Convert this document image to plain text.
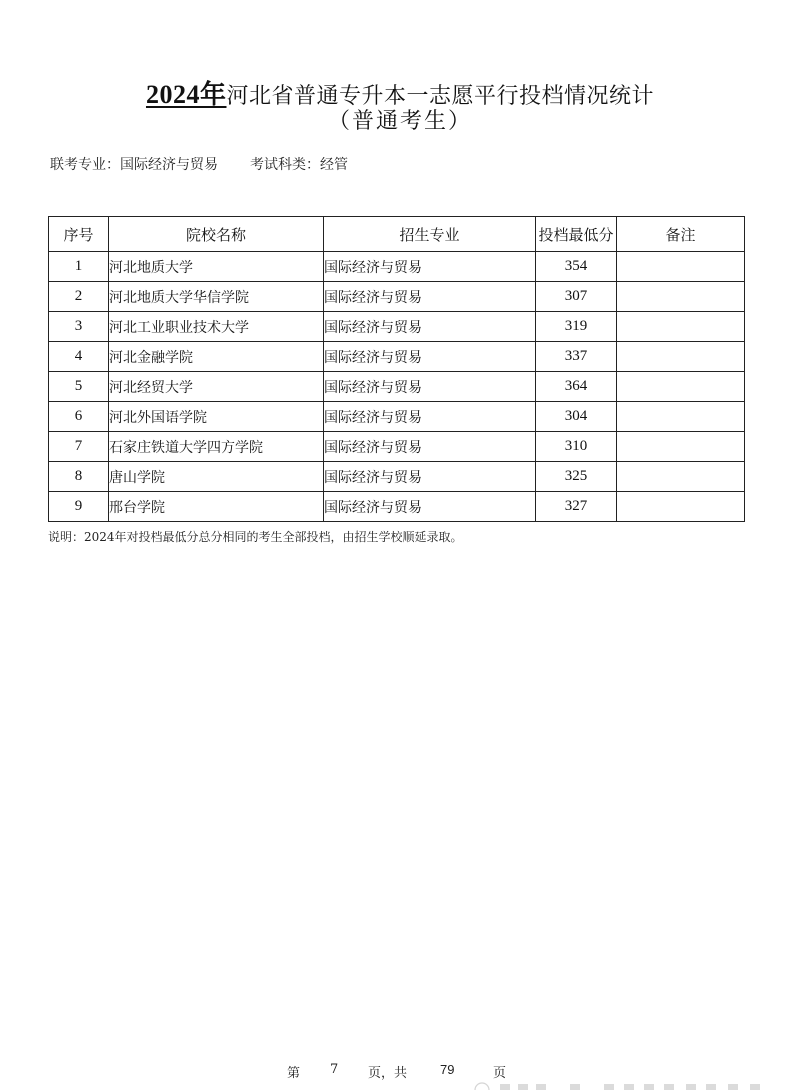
2024年河北省普通专升本一志愿平行投档情况统计
（普通考生）
联考专业：国际经济与贸易 考试科类：经管
序号	院校名称	招生专业	投档最低分	备注
1	河北地质大学	国际经济与贸易	354	
2	河北地质大学华信学院	国际经济与贸易	307	
3	河北工业职业技术大学	国际经济与贸易	319	
4	河北金融学院	国际经济与贸易	337	
5	河北经贸大学	国际经济与贸易	364	
6	河北外国语学院	国际经济与贸易	304	
7	石家庄铁道大学四方学院	国际经济与贸易	310	
8	唐山学院	国际经济与贸易	325	
9	邢台学院	国际经济与贸易	327	
说明：2024年对投档最低分总分相同的考生全部投档，由招生学校顺延录取。
第 7 页，共	79	页
